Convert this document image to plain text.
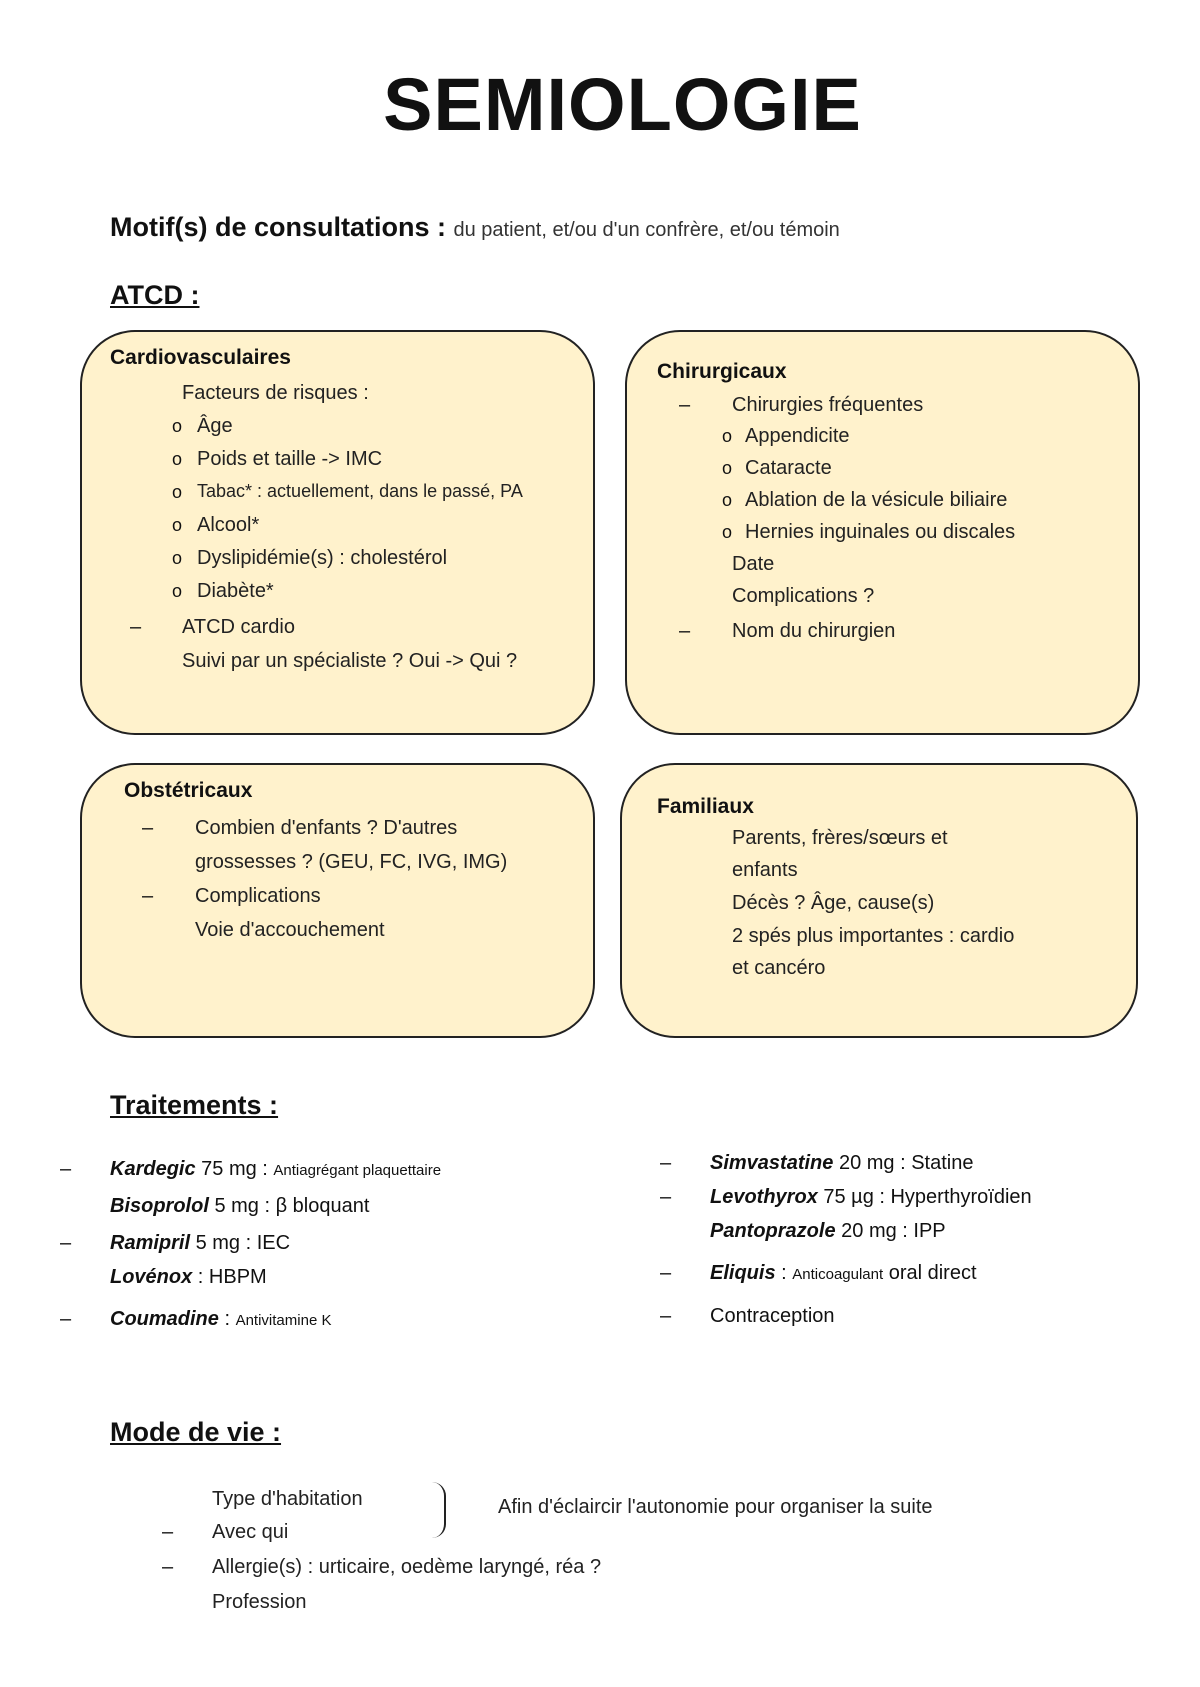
SEMIOLOGIE
Motif(s) de consultations : du patient, et/ou d'un confrère, et/ou témoin
ATCD :
Cardiovasculaires
Facteurs de risques :
o Âge
o Poids et taille -> IMC
o Tabac* : actuellement, dans le passé, PA
o Alcool*
o Dyslipidémie(s) : cholestérol
o Diabète*
– ATCD cardio
Suivi par un spécialiste ? Oui -> Qui ?
Chirurgicaux
– Chirurgies fréquentes
o Appendicite
o Cataracte
o Ablation de la vésicule biliaire
o Hernies inguinales ou discales
Date
Complications ?
– Nom du chirurgien
Obstétricaux
– Combien d'enfants ? D'autres
grossesses ? (GEU, FC, IVG, IMG)
– Complications
Voie d'accouchement
Familiaux
Parents, frères/sœurs et
enfants
Décès ? Âge, cause(s)
2 spés plus importantes : cardio
et cancéro
Traitements :
– Kardegic 75 mg : Antiagrégant plaquettaire
Bisoprolol 5 mg : β bloquant
– Ramipril 5 mg : IEC
Lovénox : HBPM
– Coumadine : Antivitamine K
– Simvastatine 20 mg : Statine
– Levothyrox 75 µg : Hyperthyroïdien
Pantoprazole 20 mg : IPP
– Eliquis : Anticoagulant oral direct
– Contraception
Mode de vie :
Type d'habitation
– Avec qui
Afin d'éclaircir l'autonomie pour organiser la suite
– Allergie(s) : urticaire, oedème laryngé, réa ?
Profession
